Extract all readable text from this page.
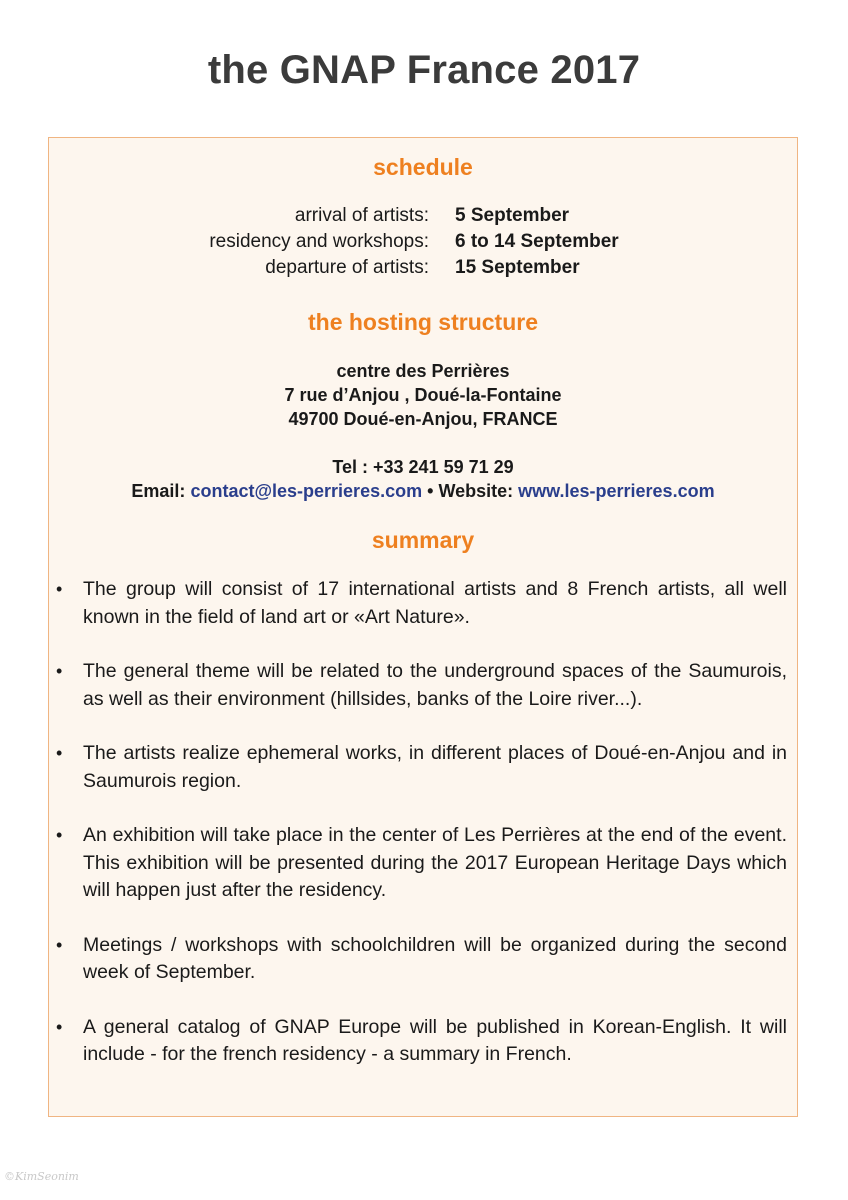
the GNAP France 2017
schedule
arrival of artists: 5 September
residency and workshops: 6 to 14 September
departure of artists: 15 September
the hosting structure
centre des Perrières
7 rue d’Anjou , Doué-la-Fontaine
49700 Doué-en-Anjou, FRANCE
Tel : +33 241 59 71 29
Email: contact@les-perrieres.com • Website: www.les-perrieres.com
summary
• The group will consist of 17 international artists and 8 French artists, all well known in the field of land art or «Art Nature».
• The general theme will be related to the underground spaces of the Saumurois, as well as their environment (hillsides, banks of the Loire river...).
• The artists realize ephemeral works, in different places of Doué-en-Anjou and in Saumurois region.
• An exhibition will take place in the center of Les Perrières at the end of the event. This exhibition will be presented during the 2017 European Heritage Days which will happen just after the residency.
• Meetings / workshops with schoolchildren will be organized during the second week of September.
• A general catalog of GNAP Europe will be published in Korean-English. It will include - for the french residency - a summary in French.
©KimSeonim
